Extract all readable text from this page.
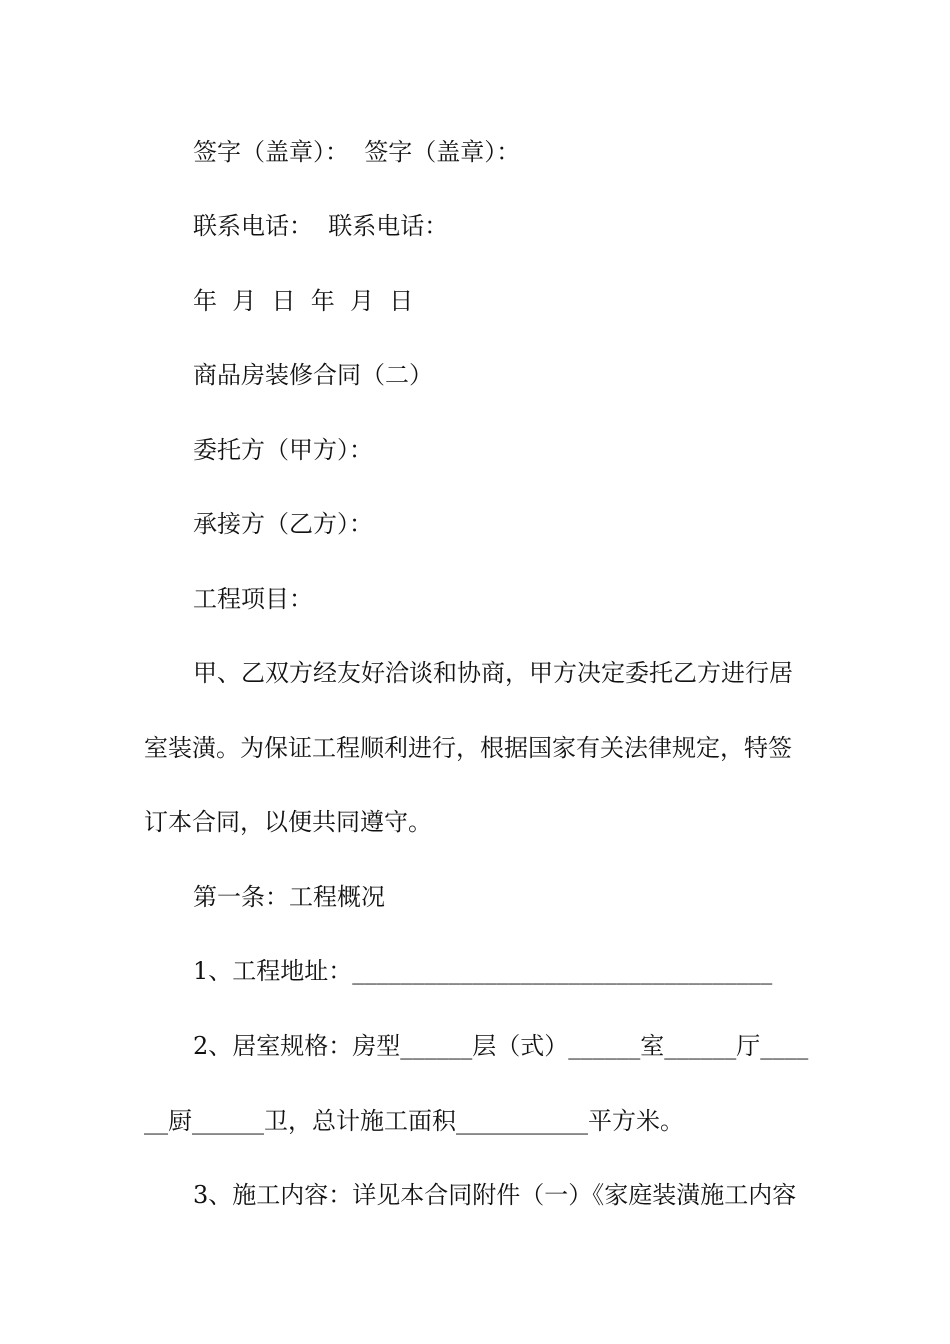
签字（盖章）：  签字（盖章）：
联系电话：  联系电话：
年  月  日  年  月  日
商品房装修合同（二）
委托方（甲方）：
承接方（乙方）：
工程项目：
甲、乙双方经友好洽谈和协商，甲方决定委托乙方进行居
室装潢。为保证工程顺利进行，根据国家有关法律规定，特签
订本合同，以便共同遵守。
第一条：工程概况
1、工程地址：___________________________________
2、居室规格：房型______层（式）______室______厅____
__厨______卫，总计施工面积___________平方米。
3、施工内容：详见本合同附件（一）《家庭装潢施工内容
